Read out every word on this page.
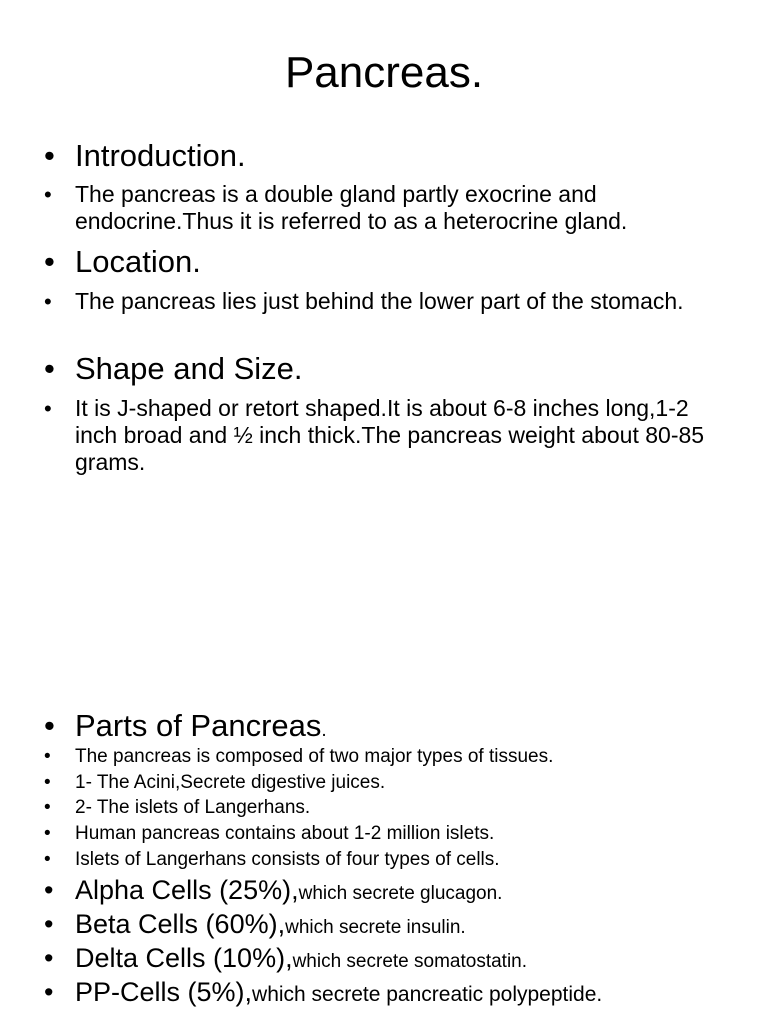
Pancreas.
• Introduction.
• The pancreas is a double gland partly exocrine and endocrine.Thus it is referred to as a heterocrine gland.
• Location.
• The pancreas lies just behind the lower part of the stomach.
• Shape and Size.
• It is J-shaped or retort shaped.It is about 6-8 inches long,1-2 inch broad and ½ inch thick.The pancreas weight about 80-85 grams.
• Parts of Pancreas.
• The pancreas is composed of two major types of tissues.
• 1- The Acini,Secrete digestive juices.
• 2- The islets of Langerhans.
• Human pancreas contains about 1-2 million islets.
• Islets of Langerhans consists of four types of cells.
• Alpha Cells (25%),which secrete glucagon.
• Beta Cells (60%),which secrete insulin.
• Delta Cells (10%),which secrete somatostatin.
• PP-Cells (5%),which secrete pancreatic polypeptide.
